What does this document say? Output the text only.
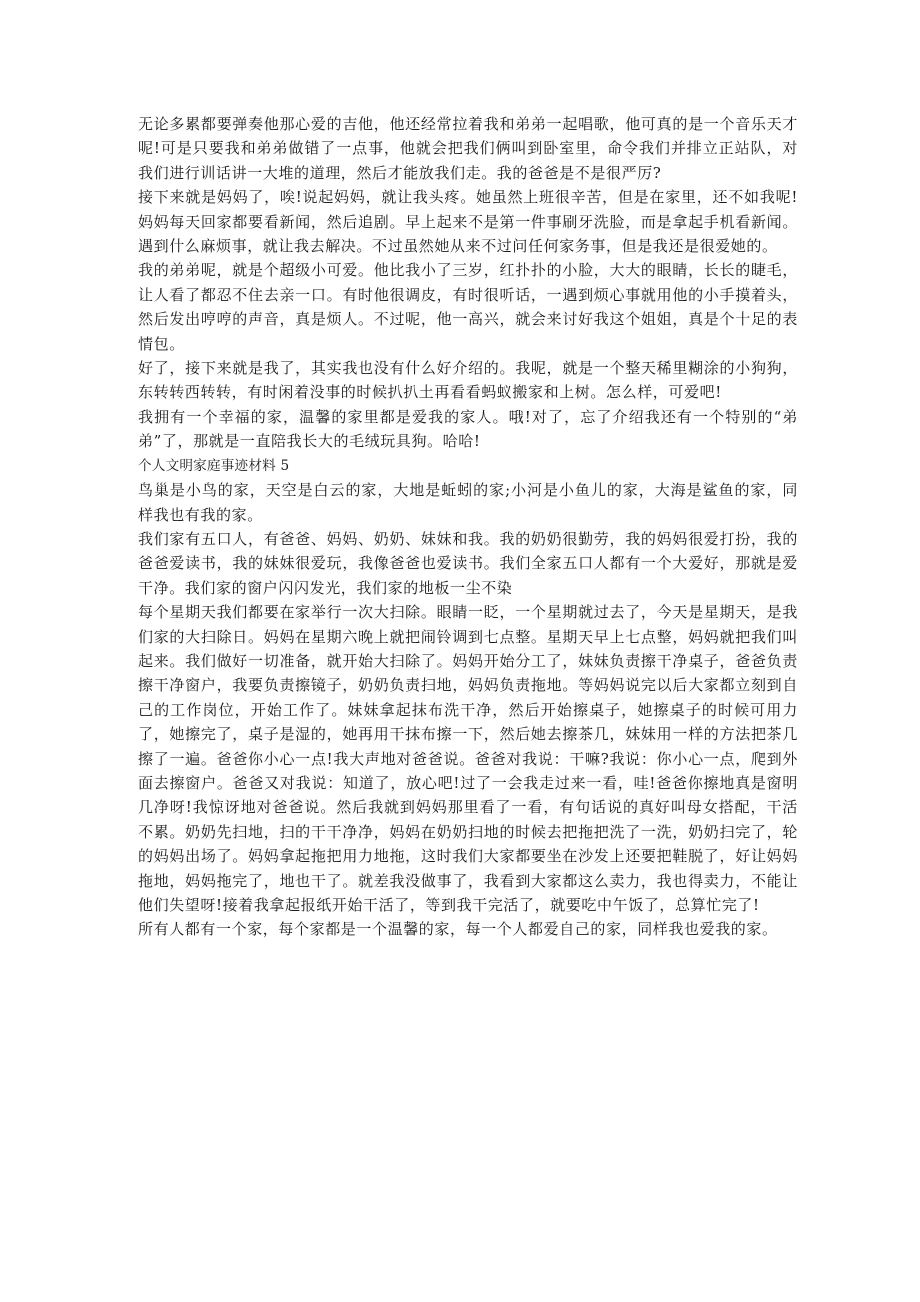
无论多累都要弹奏他那心爱的吉他，他还经常拉着我和弟弟一起唱歌，他可真的是一个音乐天才呢!可是只要我和弟弟做错了一点事，他就会把我们俩叫到卧室里，命令我们并排立正站队，对我们进行训话讲一大堆的道理，然后才能放我们走。我的爸爸是不是很严厉?

接下来就是妈妈了，唉!说起妈妈，就让我头疼。她虽然上班很辛苦，但是在家里，还不如我呢!妈妈每天回家都要看新闻，然后追剧。早上起来不是第一件事刷牙洗脸，而是拿起手机看新闻。遇到什么麻烦事，就让我去解决。不过虽然她从来不过问任何家务事，但是我还是很爱她的。

我的弟弟呢，就是个超级小可爱。他比我小了三岁，红扑扑的小脸，大大的眼睛，长长的睫毛，让人看了都忍不住去亲一口。有时他很调皮，有时很听话，一遇到烦心事就用他的小手摸着头，然后发出哼哼的声音，真是烦人。不过呢，他一高兴，就会来讨好我这个姐姐，真是个十足的表情包。

好了，接下来就是我了，其实我也没有什么好介绍的。我呢，就是一个整天稀里糊涂的小狗狗，东转转西转转，有时闲着没事的时候扒扒土再看看蚂蚁搬家和上树。怎么样，可爱吧!

我拥有一个幸福的家，温馨的家里都是爱我的家人。哦!对了，忘了介绍我还有一个特别的“弟弟”了，那就是一直陪我长大的毛绒玩具狗。哈哈!

个人文明家庭事迹材料 5

鸟巢是小鸟的家，天空是白云的家，大地是蚯蚓的家;小河是小鱼儿的家，大海是鲨鱼的家，同样我也有我的家。

我们家有五口人，有爸爸、妈妈、奶奶、妹妹和我。我的奶奶很勤劳，我的妈妈很爱打扮，我的爸爸爱读书，我的妹妹很爱玩，我像爸爸也爱读书。我们全家五口人都有一个大爱好，那就是爱干净。我们家的窗户闪闪发光，我们家的地板一尘不染

每个星期天我们都要在家举行一次大扫除。眼睛一眨，一个星期就过去了，今天是星期天，是我们家的大扫除日。妈妈在星期六晚上就把闹铃调到七点整。星期天早上七点整，妈妈就把我们叫起来。我们做好一切准备，就开始大扫除了。妈妈开始分工了，妹妹负责擦干净桌子，爸爸负责擦干净窗户，我要负责擦镜子，奶奶负责扫地，妈妈负责拖地。等妈妈说完以后大家都立刻到自己的工作岗位，开始工作了。妹妹拿起抹布洗干净，然后开始擦桌子，她擦桌子的时候可用力了，她擦完了，桌子是湿的，她再用干抹布擦一下，然后她去擦茶几，妹妹用一样的方法把茶几擦了一遍。爸爸你小心一点!我大声地对爸爸说。爸爸对我说：干嘛?我说：你小心一点，爬到外面去擦窗户。爸爸又对我说：知道了，放心吧!过了一会我走过来一看，哇!爸爸你擦地真是窗明几净呀!我惊讶地对爸爸说。然后我就到妈妈那里看了一看，有句话说的真好叫母女搭配，干活不累。奶奶先扫地，扫的干干净净，妈妈在奶奶扫地的时候去把拖把洗了一洗，奶奶扫完了，轮的妈妈出场了。妈妈拿起拖把用力地拖，这时我们大家都要坐在沙发上还要把鞋脱了，好让妈妈拖地，妈妈拖完了，地也干了。就差我没做事了，我看到大家都这么卖力，我也得卖力，不能让他们失望呀!接着我拿起报纸开始干活了，等到我干完活了，就要吃中午饭了，总算忙完了!

所有人都有一个家，每个家都是一个温馨的家，每一个人都爱自己的家，同样我也爱我的家。
